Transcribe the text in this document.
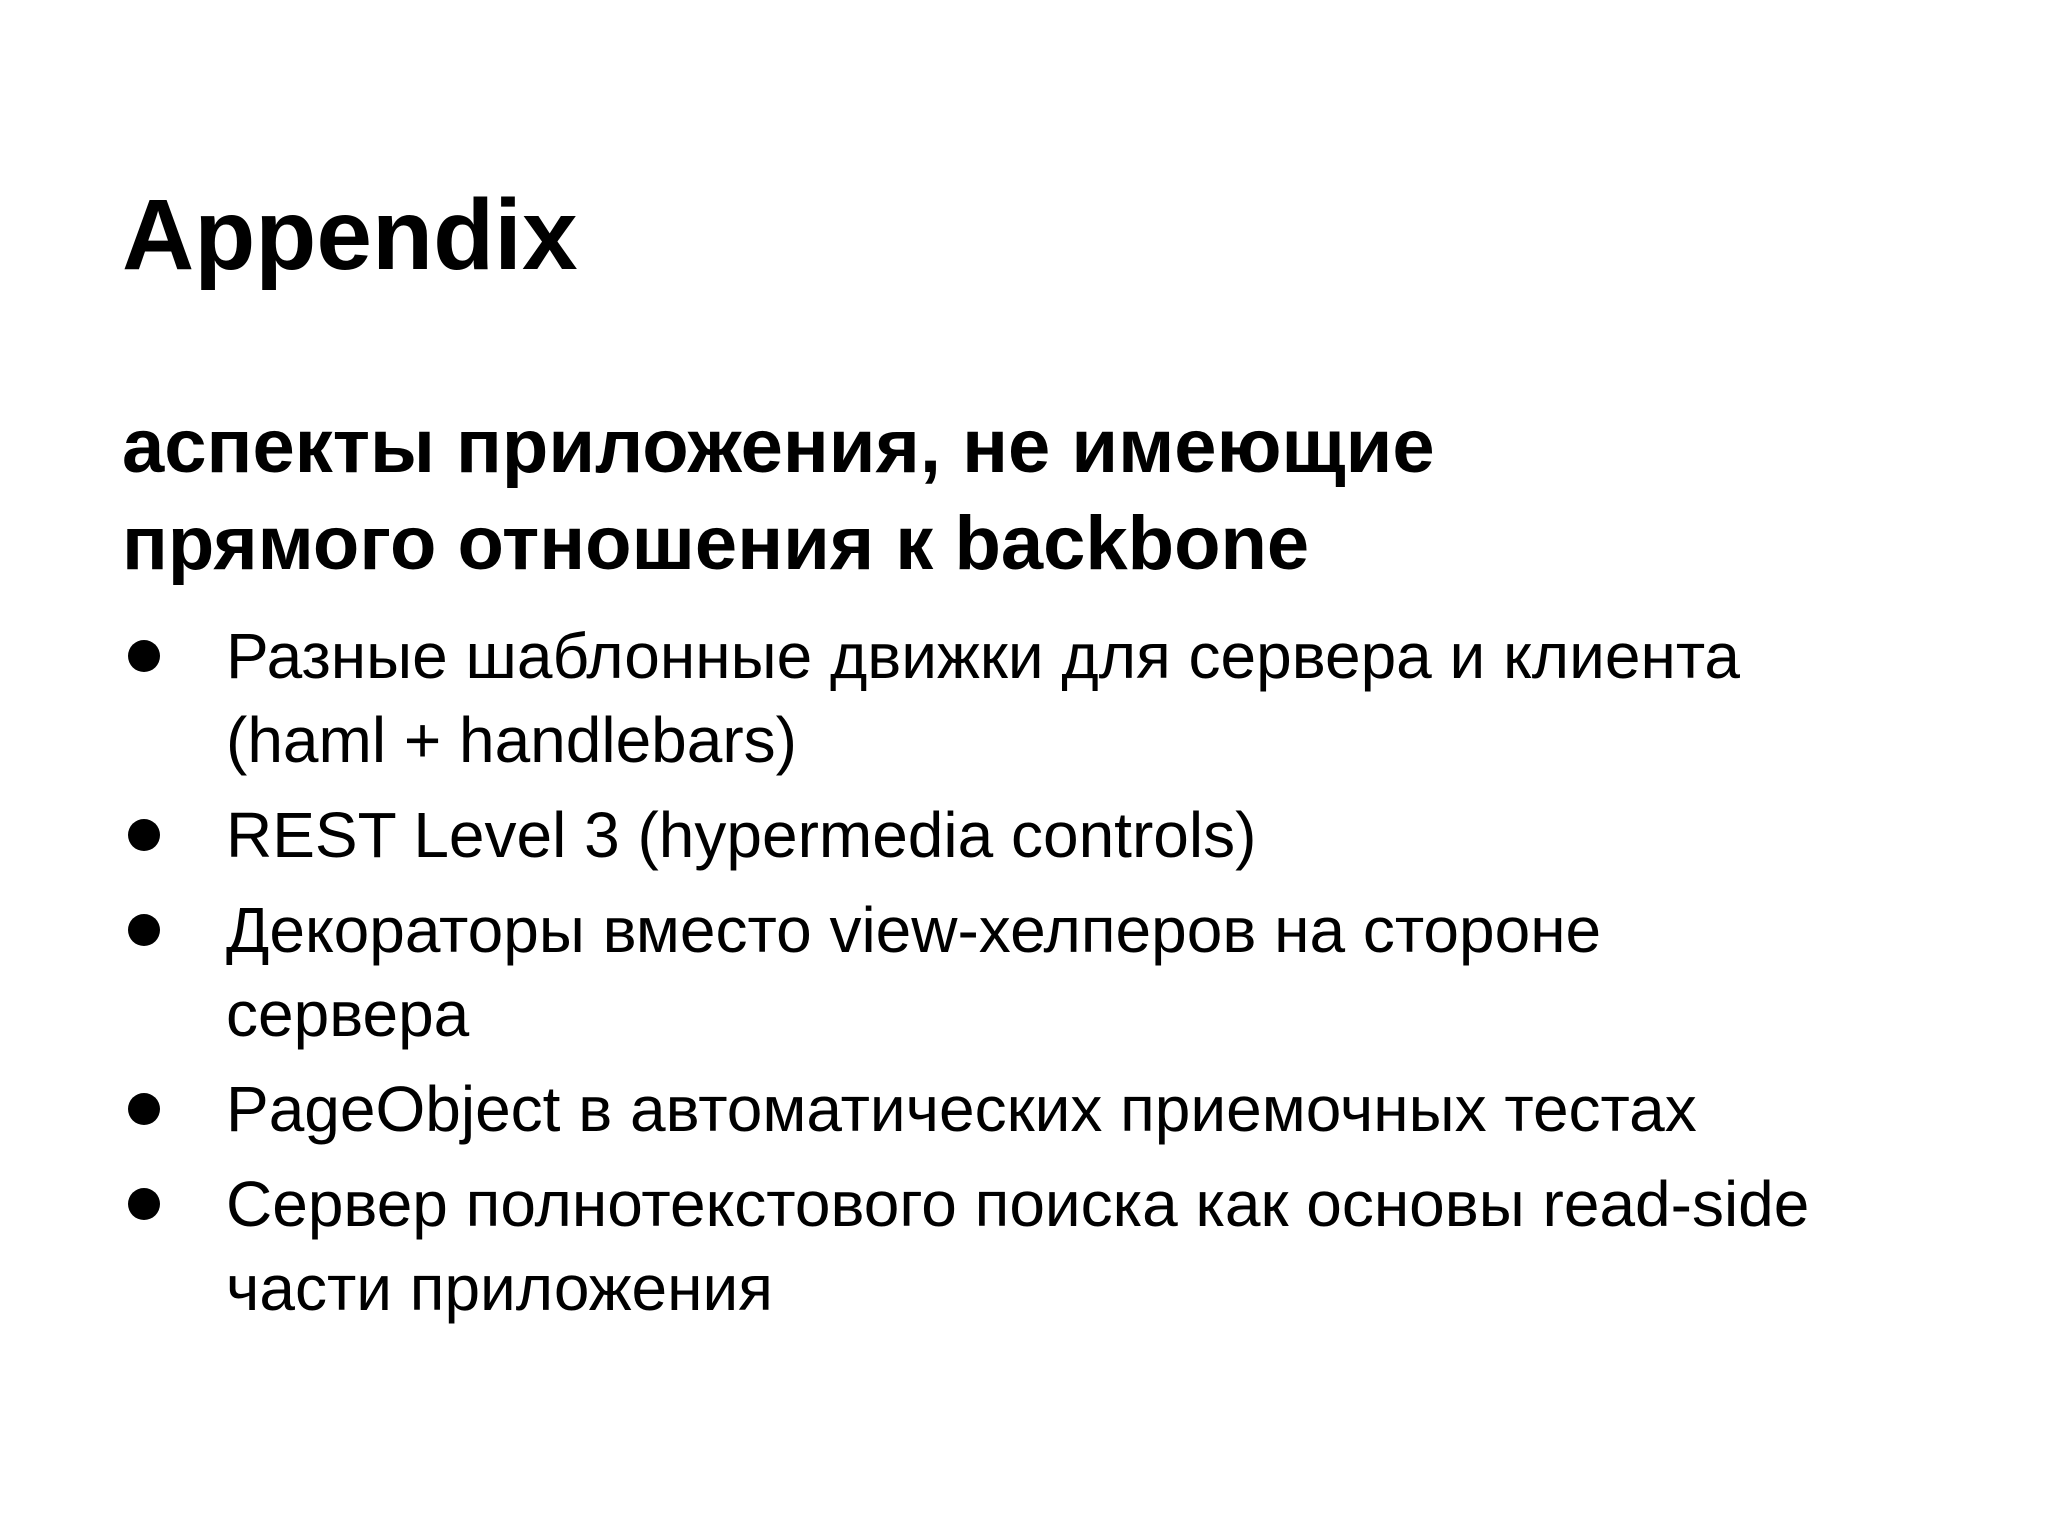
Appendix
аспекты приложения, не имеющие
прямого отношения к backbone
Разные шаблонные движки для сервера и клиента
(haml + handlebars)
REST Level 3 (hypermedia controls)
Декораторы вместо view-хелперов на стороне
сервера
PageObject в автоматических приемочных тестах
Сервер полнотекстового поиска как основы read-side
части приложения
